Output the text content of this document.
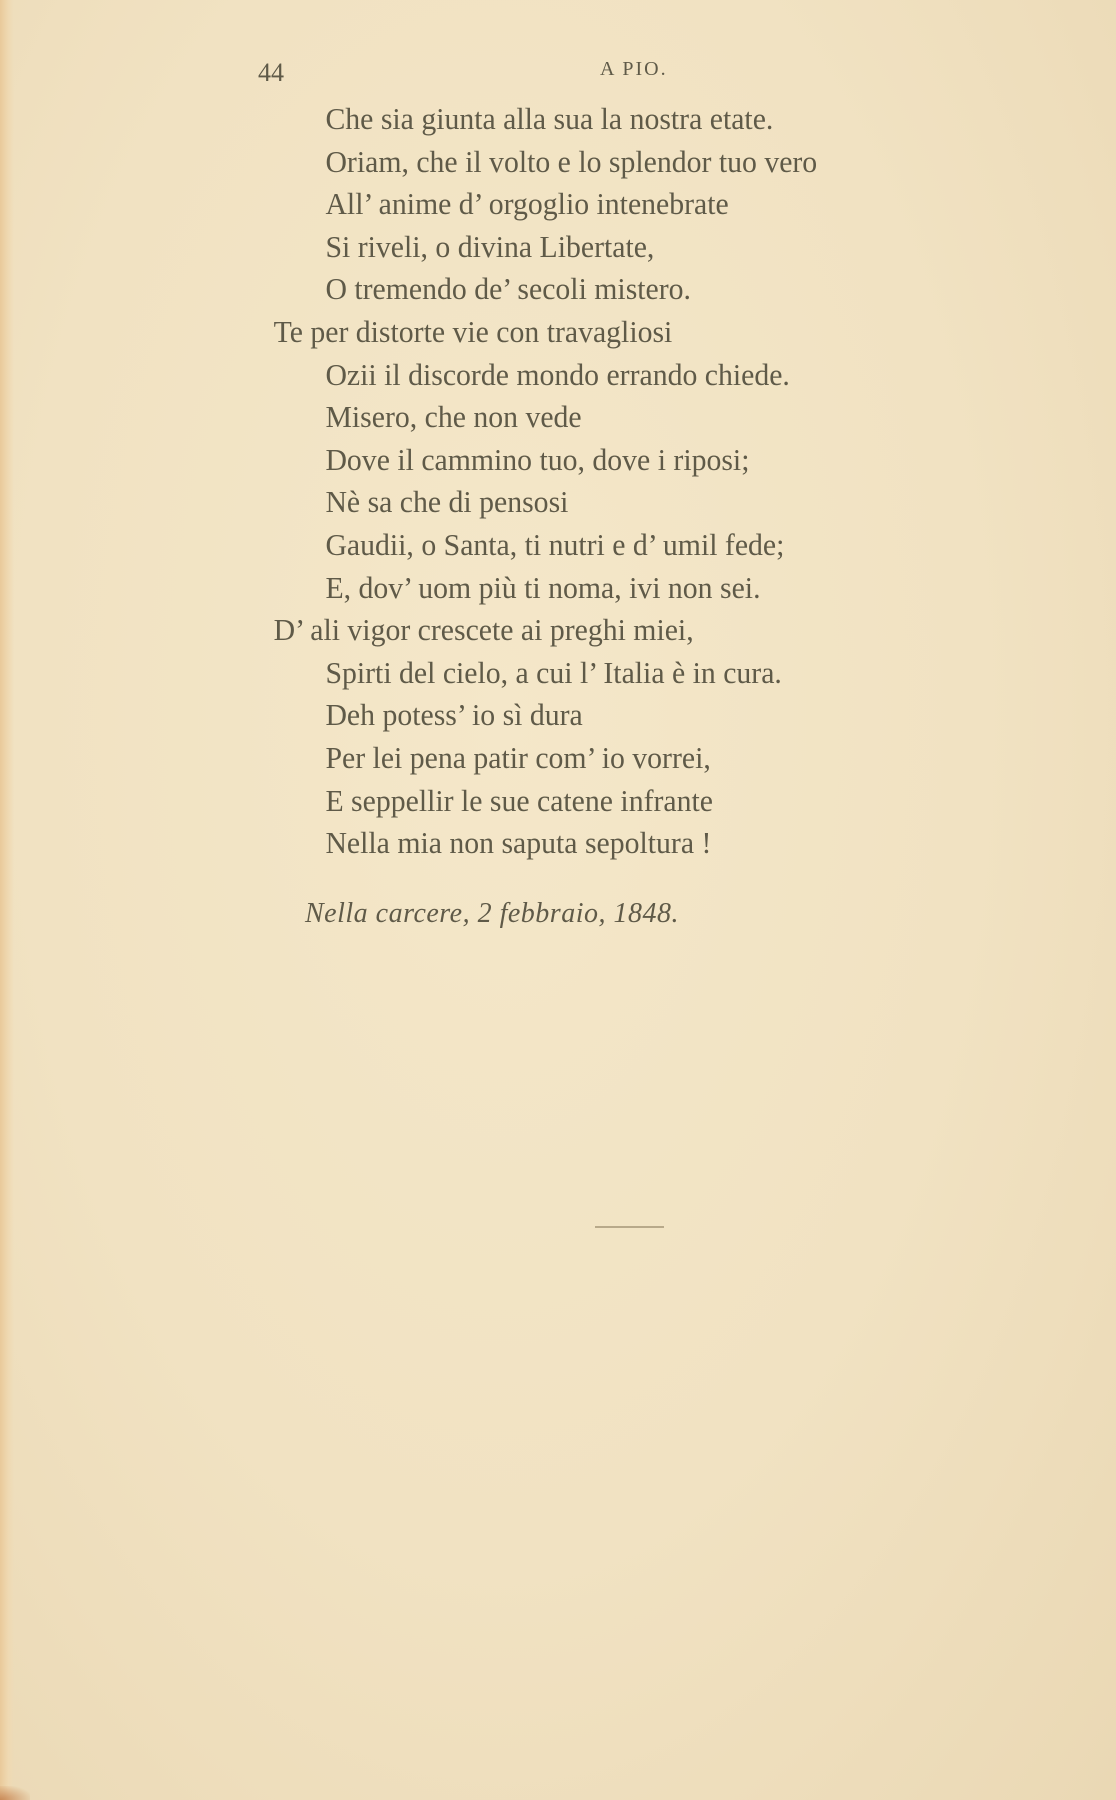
44	A PIO.
Che sia giunta alla sua la nostra etate.
Oriam, che il volto e lo splendor tuo vero
All’ anime d’ orgoglio intenebrate
Si riveli, o divina Libertate,
O tremendo de’ secoli mistero.
Te per distorte vie con travagliosi
Ozii il discorde mondo errando chiede.
Misero, che non vede
Dove il cammino tuo, dove i riposi;
Nè sa che di pensosi
Gaudii, o Santa, ti nutri e d’ umil fede;
E, dov’ uom più ti noma, ivi non sei.
D’ ali vigor crescete ai preghi miei,
Spirti del cielo, a cui l’ Italia è in cura.
Deh potess’ io sì dura
Per lei pena patir com’ io vorrei,
E seppellir le sue catene infrante
Nella mia non saputa sepoltura !
Nella carcere, 2 febbraio, 1848.
